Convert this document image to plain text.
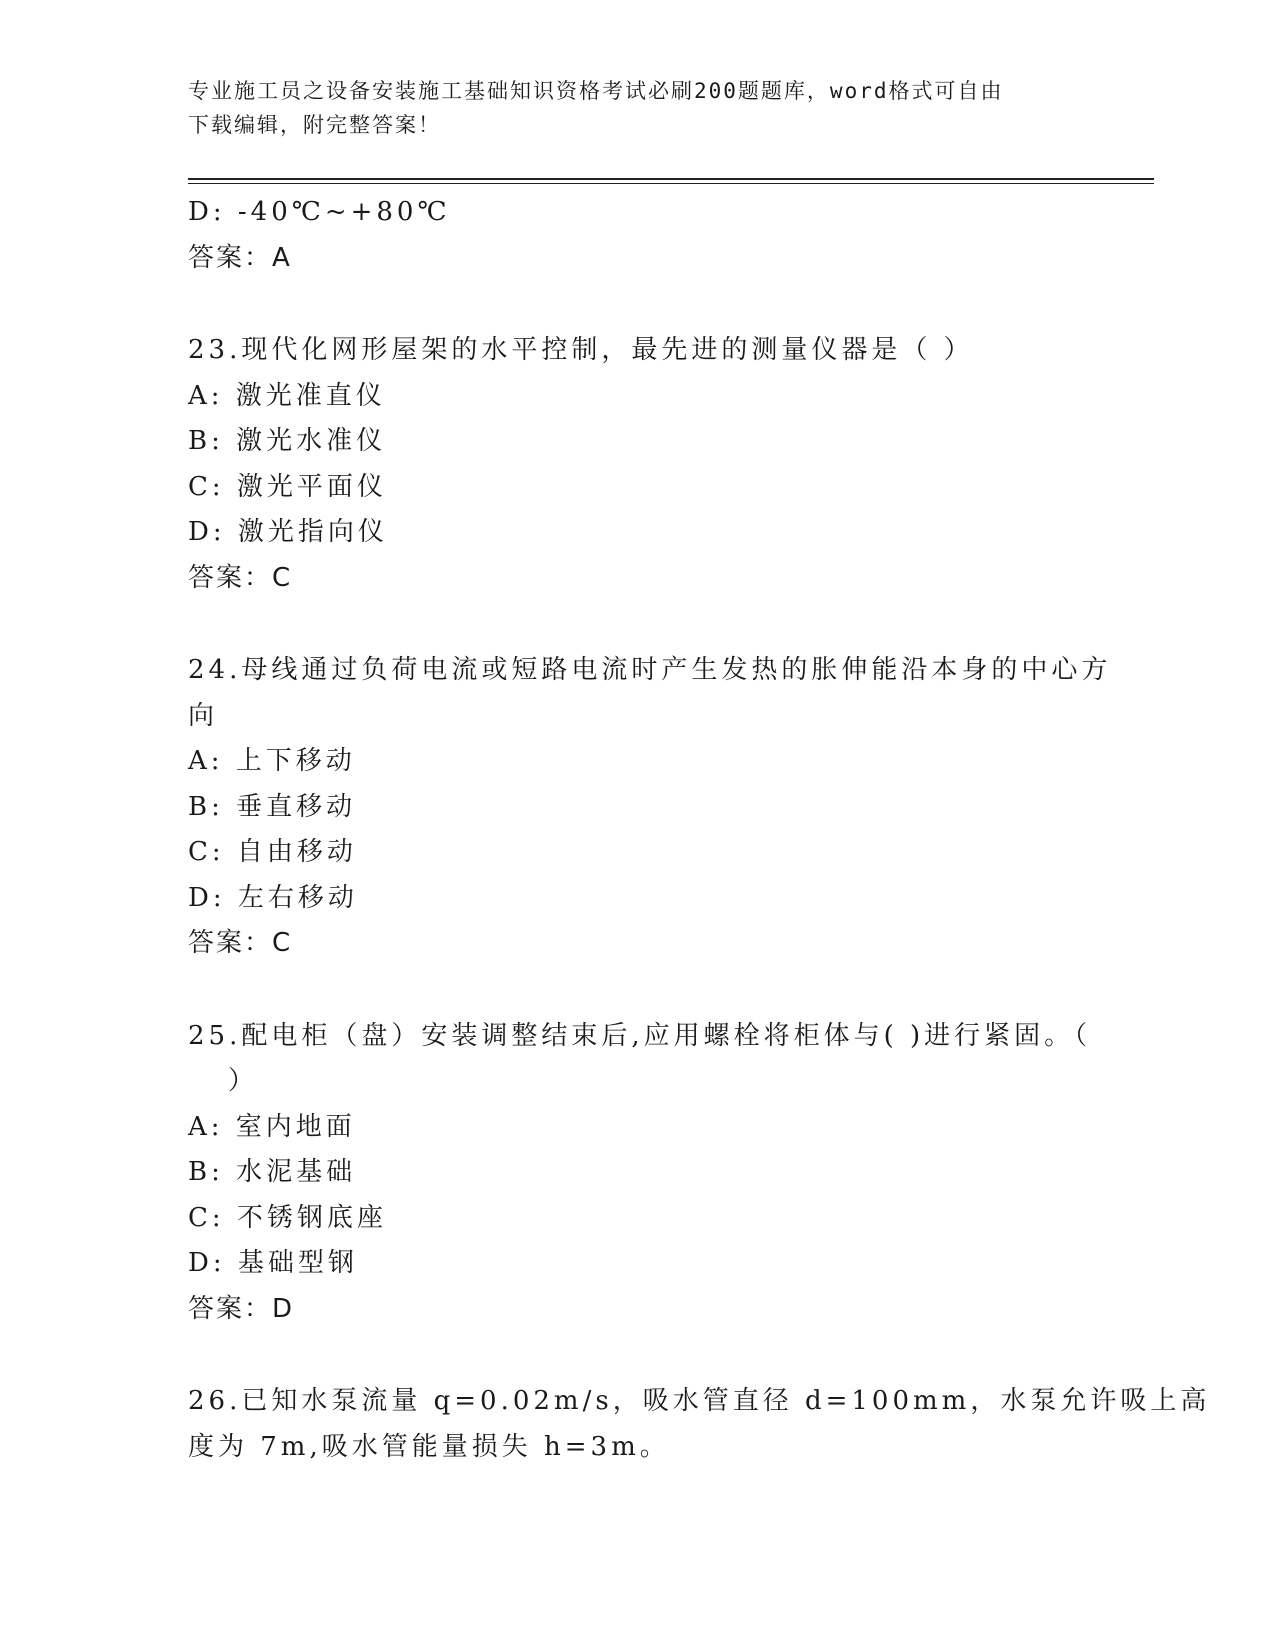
专业施工员之设备安装施工基础知识资格考试必刷200题题库，word格式可自由
下载编辑，附完整答案！
D: -40℃~+80℃
答案：A
23.现代化网形屋架的水平控制，最先进的测量仪器是（ ）
A: 激光准直仪
B: 激光水准仪
C: 激光平面仪
D: 激光指向仪
答案：C
24.母线通过负荷电流或短路电流时产生发热的胀伸能沿本身的中心方
向
A: 上下移动
B: 垂直移动
C: 自由移动
D: 左右移动
答案：C
25.配电柜（盘）安装调整结束后,应用螺栓将柜体与( )进行紧固。（
）
A: 室内地面
B: 水泥基础
C: 不锈钢底座
D: 基础型钢
答案：D
26.已知水泵流量 q=0.02m/s，吸水管直径 d=100mm，水泵允许吸上高
度为 7m,吸水管能量损失 h=3m。
